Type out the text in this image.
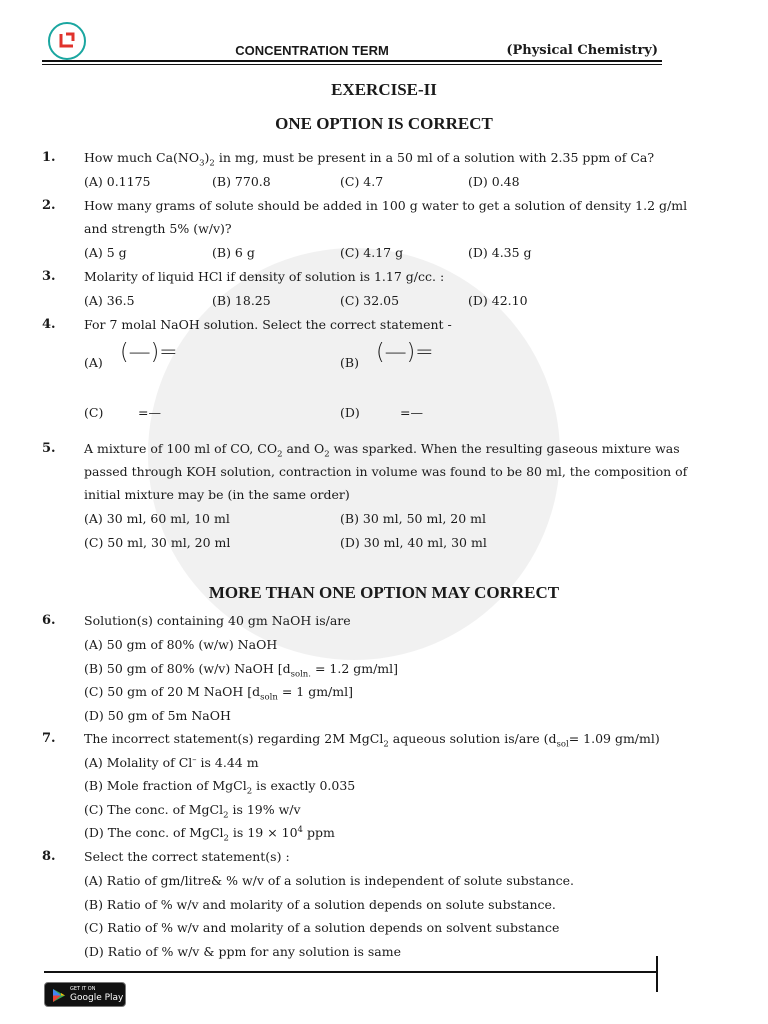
CONCENTRATION TERM	(Physical Chemistry)
EXERCISE-II
ONE OPTION IS CORRECT
1. How much $Ca(NO_3)_2$ in mg, must be present in a 50 ml of a solution with 2.35 ppm of Ca?
(A) 0.1175	(B) 770.8	(C) 4.7	(D) 0.48
2. How many grams of solute should be added in 100 g water to get a solution of density 1.2 g/ml
and strength 5% (w/v)?
(A) 5 g	(B) 6 g	(C) 4.17 g	(D) 4.35 g
3. Molarity of liquid HCl if density of solution is 1.17 g/cc. :
(A) 36.5	(B) 18.25	(C) 32.05	(D) 42.10
4. For 7 molal NaOH solution. Select the correct statement -
(A) (—)=	(B) (—)=
(C)	=—	(D)	=—
5. A mixture of 100 ml of CO, $CO_2$ and $O_2$ was sparked. When the resulting gaseous mixture was
passed through KOH solution, contraction in volume was found to be 80 ml, the composition of
initial mixture may be (in the same order)
(A) 30 ml, 60 ml, 10 ml	(B) 30 ml, 50 ml, 20 ml
(C) 50 ml, 30 ml, 20 ml	(D) 30 ml, 40 ml, 30 ml
MORE THAN ONE OPTION MAY CORRECT
6. Solution(s) containing 40 gm NaOH is/are
(A) 50 gm of 80% (w/w) NaOH
(B) 50 gm of 80% (w/v) NaOH [$d_{soln.} = 1.2$ gm/ml]
(C) 50 gm of 20 M NaOH [$d_{soln} = 1$ gm/ml]
(D) 50 gm of 5m NaOH
7. The incorrect statement(s) regarding 2M MgCl$_2$ aqueous solution is/are ($d_{sol}= 1.09$ gm/ml)
(A) Molality of Cl– is 4.44 m
(B) Mole fraction of MgCl$_2$ is exactly 0.035
(C) The conc. of MgCl$_2$ is 19% w/v
(D) The conc. of MgCl$_2$ is $19 \times 10^4$ ppm
8. Select the correct statement(s) :
(A) Ratio of gm/litre& % w/v of a solution is independent of solute substance.
(B) Ratio of % w/v and molarity of a solution depends on solute substance.
(C) Ratio of % w/v and molarity of a solution depends on solvent substance
(D) Ratio of % w/v & ppm for any solution is same
GET IT ON
Google Play
